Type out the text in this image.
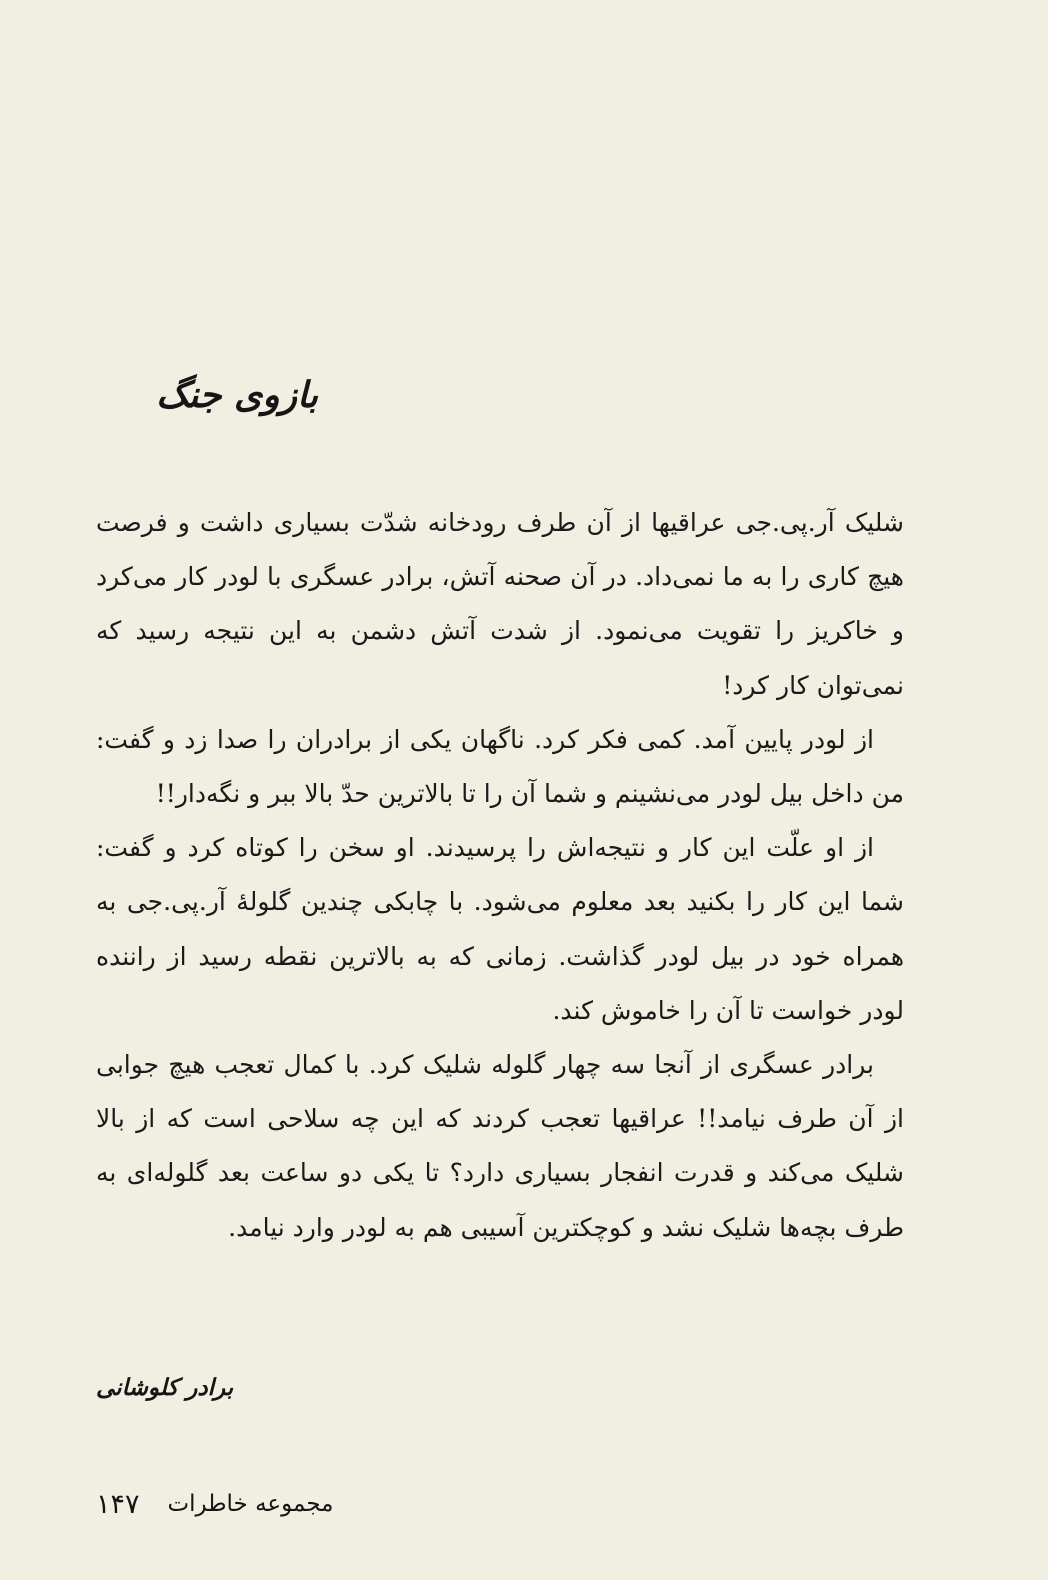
بازوی جنگ

شلیک آر.پی.جی عراقیها از آن طرف رودخانه شدّت بسیاری داشت و فرصت هیچ کاری را به ما نمی‌داد. در آن صحنه آتش، برادر عسگری با لودر کار می‌کرد و خاکریز را تقویت می‌نمود. از شدت آتش دشمن به این نتیجه رسید که نمی‌توان کار کرد!

از لودر پایین آمد. کمی فکر کرد. ناگهان یکی از برادران را صدا زد و گفت: من داخل بیل لودر می‌نشینم و شما آن را تا بالاترین حدّ بالا ببر و نگه‌دار!!

از او علّت این کار و نتیجه‌اش را پرسیدند. او سخن را کوتاه کرد و گفت: شما این کار را بکنید بعد معلوم می‌شود. با چابکی چندین گلولهٔ آر.پی.جی به همراه خود در بیل لودر گذاشت. زمانی که به بالاترین نقطه رسید از راننده لودر خواست تا آن را خاموش کند.

برادر عسگری از آنجا سه چهار گلوله شلیک کرد. با کمال تعجب هیچ جوابی از آن طرف نیامد!! عراقیها تعجب کردند که این چه سلاحی است که از بالا شلیک می‌کند و قدرت انفجار بسیاری دارد؟ تا یکی دو ساعت بعد گلوله‌ای به طرف بچه‌ها شلیک نشد و کوچکترین آسیبی هم به لودر وارد نیامد.

برادر کلوشانی

۱۴۷ مجموعه خاطرات
